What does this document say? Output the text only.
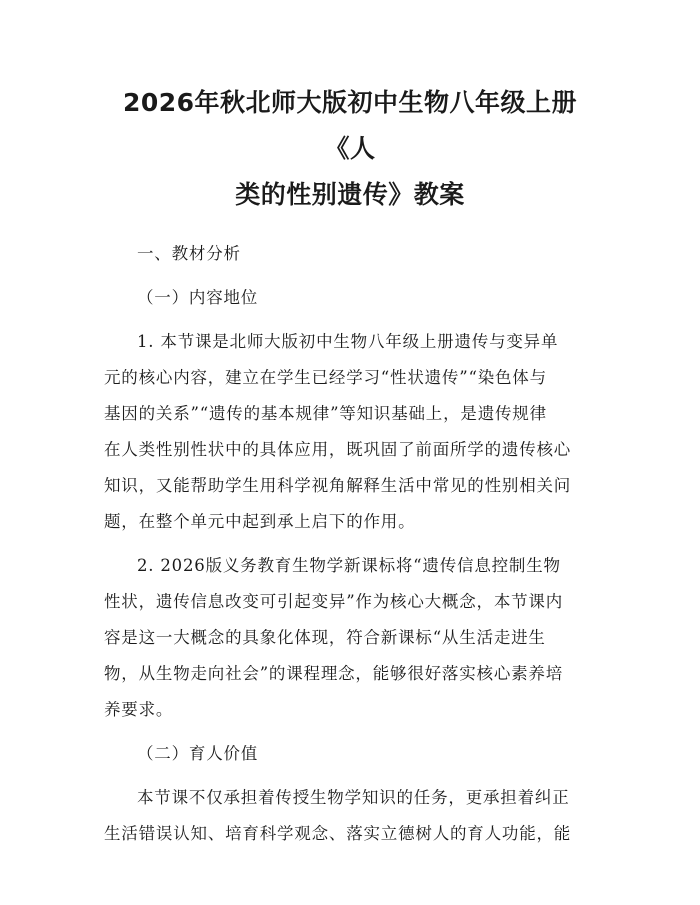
2026年秋北师大版初中生物八年级上册《人
类的性别遗传》教案

一、教材分析

（一）内容地位

1. 本节课是北师大版初中生物八年级上册遗传与变异单
元的核心内容，建立在学生已经学习“性状遗传”“染色体与
基因的关系”“遗传的基本规律”等知识基础上，是遗传规律
在人类性别性状中的具体应用，既巩固了前面所学的遗传核心
知识，又能帮助学生用科学视角解释生活中常见的性别相关问
题，在整个单元中起到承上启下的作用。

2. 2026版义务教育生物学新课标将“遗传信息控制生物
性状，遗传信息改变可引起变异”作为核心大概念，本节课内
容是这一大概念的具象化体现，符合新课标“从生活走进生
物，从生物走向社会”的课程理念，能够很好落实核心素养培
养要求。

（二）育人价值

本节课不仅承担着传授生物学知识的任务，更承担着纠正
生活错误认知、培育科学观念、落实立德树人的育人功能，能
